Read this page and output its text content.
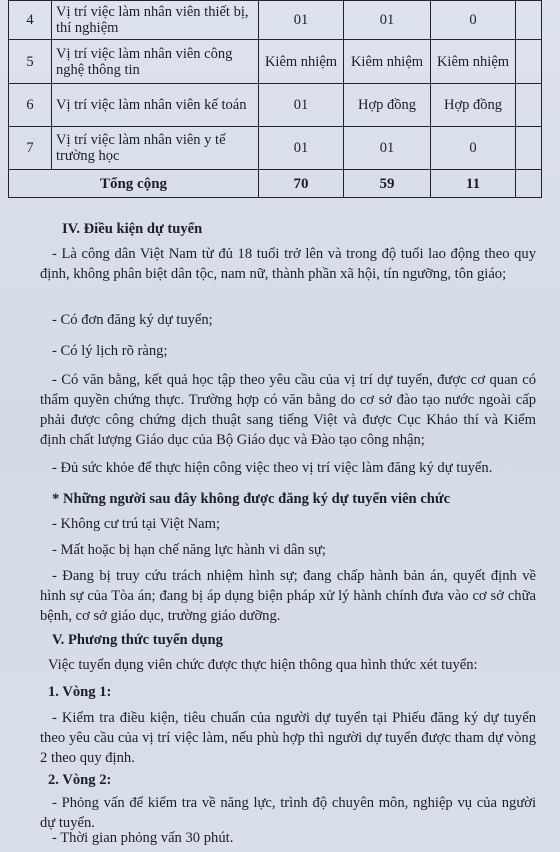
4	Vị trí việc làm nhân viên thiết bị, thí nghiệm	01	01	0	
5	Vị trí việc làm nhân viên công nghệ thông tin	Kiêm nhiệm	Kiêm nhiệm	Kiêm nhiệm	
6	Vị trí việc làm nhân viên kế toán	01	Hợp đồng	Hợp đồng	
7	Vị trí việc làm nhân viên y tế trường học	01	01	0	
Tổng cộng		70	59	11	

IV. Điều kiện dự tuyển

- Là công dân Việt Nam từ đủ 18 tuổi trở lên và trong độ tuổi lao động theo quy định, không phân biệt dân tộc, nam nữ, thành phần xã hội, tín ngưỡng, tôn giáo;

- Có đơn đăng ký dự tuyển;

- Có lý lịch rõ ràng;

- Có văn bằng, kết quả học tập theo yêu cầu của vị trí dự tuyển, được cơ quan có thẩm quyền chứng thực. Trường hợp có văn bằng do cơ sở đào tạo nước ngoài cấp phải được công chứng dịch thuật sang tiếng Việt và được Cục Khảo thí và Kiểm định chất lượng Giáo dục của Bộ Giáo dục và Đào tạo công nhận;

- Đủ sức khỏe để thực hiện công việc theo vị trí việc làm đăng ký dự tuyển.

* Những người sau đây không được đăng ký dự tuyển viên chức

- Không cư trú tại Việt Nam;

- Mất hoặc bị hạn chế năng lực hành vi dân sự;

- Đang bị truy cứu trách nhiệm hình sự; đang chấp hành bản án, quyết định về hình sự của Tòa án; đang bị áp dụng biện pháp xử lý hành chính đưa vào cơ sở chữa bệnh, cơ sở giáo dục, trường giáo dưỡng.

V. Phương thức tuyển dụng

Việc tuyển dụng viên chức được thực hiện thông qua hình thức xét tuyển:

1. Vòng 1:

- Kiểm tra điều kiện, tiêu chuẩn của người dự tuyển tại Phiếu đăng ký dự tuyển theo yêu cầu của vị trí việc làm, nếu phù hợp thì người dự tuyển được tham dự vòng 2 theo quy định.

2. Vòng 2:

- Phỏng vấn để kiểm tra về năng lực, trình độ chuyên môn, nghiệp vụ của người dự tuyển.

- Thời gian phỏng vấn 30 phút.
